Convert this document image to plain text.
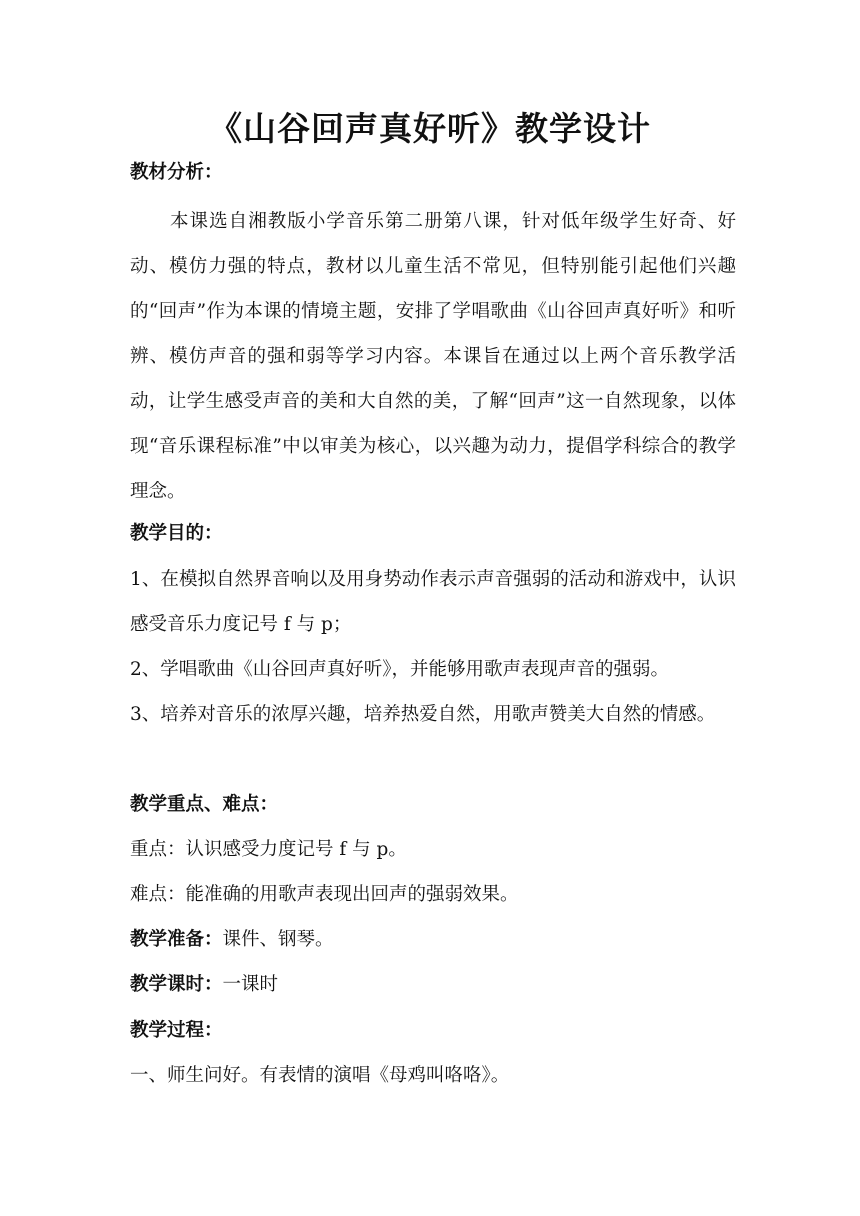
《山谷回声真好听》教学设计
教材分析：
本课选自湘教版小学音乐第二册第八课，针对低年级学生好奇、好动、模仿力强的特点，教材以儿童生活不常见，但特别能引起他们兴趣的“回声”作为本课的情境主题，安排了学唱歌曲《山谷回声真好听》和听辨、模仿声音的强和弱等学习内容。本课旨在通过以上两个音乐教学活动，让学生感受声音的美和大自然的美，了解“回声”这一自然现象，以体现“音乐课程标准”中以审美为核心，以兴趣为动力，提倡学科综合的教学理念。
教学目的：
1、在模拟自然界音响以及用身势动作表示声音强弱的活动和游戏中，认识感受音乐力度记号 f 与 p；
2、学唱歌曲《山谷回声真好听》，并能够用歌声表现声音的强弱。
3、培养对音乐的浓厚兴趣，培养热爱自然，用歌声赞美大自然的情感。
教学重点、难点：
重点：认识感受力度记号 f 与 p。
难点：能准确的用歌声表现出回声的强弱效果。
教学准备：课件、钢琴。
教学课时：一课时
教学过程：
一、师生问好。有表情的演唱《母鸡叫咯咯》。
